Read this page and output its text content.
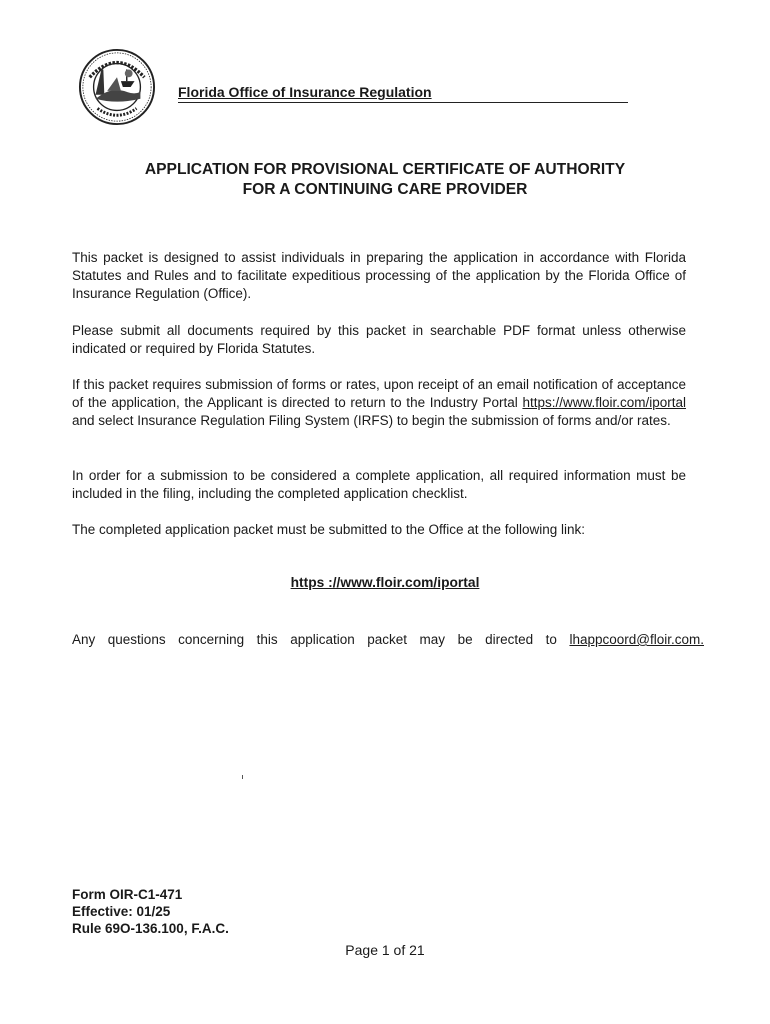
Florida Office of Insurance Regulation
APPLICATION FOR PROVISIONAL CERTIFICATE OF AUTHORITY
FOR A CONTINUING CARE PROVIDER

This packet is designed to assist individuals in preparing the application in accordance with Florida Statutes and Rules and to facilitate expeditious processing of the application by the Florida Office of Insurance Regulation (Office).

Please submit all documents required by this packet in searchable PDF format unless otherwise indicated or required by Florida Statutes.

If this packet requires submission of forms or rates, upon receipt of an email notification of acceptance of the application, the Applicant is directed to return to the Industry Portal https://www.floir.com/iportal and select Insurance Regulation Filing System (IRFS) to begin the submission of forms and/or rates.

In order for a submission to be considered a complete application, all required information must be included in the filing, including the completed application checklist.

The completed application packet must be submitted to the Office at the following link:

https ://www.floir.com/iportal
Any questions concerning this application packet may be directed to lhappcoord@floir.com.
Form OIR-C1-471
Effective: 01/25
Rule 69O-136.100, F.A.C.
Page 1 of 21
